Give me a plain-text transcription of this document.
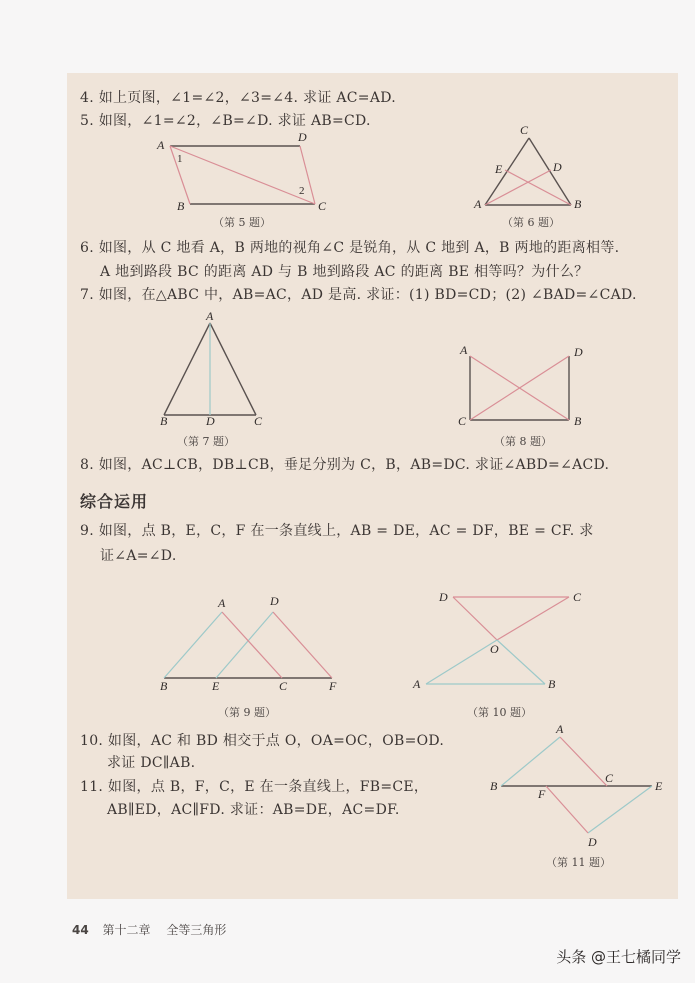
4. 如上页图，∠1=∠2，∠3=∠4. 求证 AC=AD.
5. 如图，∠1=∠2，∠B=∠D. 求证 AB=CD.
A
D
B	C
1
2
C
A	B
E	D
（第 5 题）	（第 6 题）
6. 如图，从 C 地看 A，B 两地的视角∠C 是锐角，从 C 地到 A，B 两地的距离相等.
A 地到路段 BC 的距离 AD 与 B 地到路段 AC 的距离 BE 相等吗？为什么？
7. 如图，在△ABC 中，AB=AC，AD 是高. 求证：(1) BD=CD；(2) ∠BAD=∠CAD.
A
B	D	C
A	D
C	B
（第 7 题）	（第 8 题）
8. 如图，AC⊥CB，DB⊥CB，垂足分别为 C，B，AB=DC. 求证∠ABD=∠ACD.
综合运用
9. 如图，点 B，E，C，F 在一条直线上，AB = DE，AC = DF，BE = CF. 求
证∠A=∠D.
A	D
B	E	C	F
D	C
O
A	B
（第 9 题）	（第 10 题）
10. 如图，AC 和 BD 相交于点 O，OA=OC，OB=OD.
求证 DC∥AB.
11. 如图，点 B，F，C，E 在一条直线上，FB=CE，
AB∥ED，AC∥FD. 求证：AB=DE，AC=DF.
A
B
C
E
F
D
（第 11 题）
44 第十二章 全等三角形
头条 @王七橘同学
